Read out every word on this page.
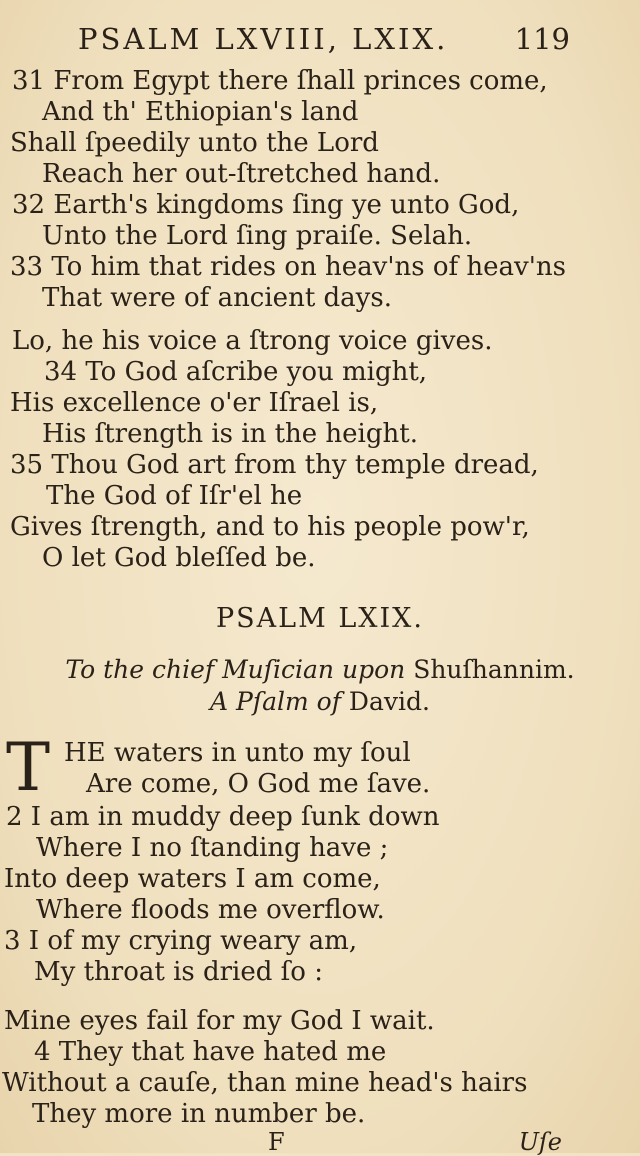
PSALM LXVIII, LXIX. 119
31 From Egypt there ſhall princes come,
And th' Ethiopian's land
Shall ſpeedily unto the Lord
Reach her out-ſtretched hand.
32 Earth's kingdoms ſing ye unto God,
Unto the Lord ſing praiſe. Selah.
33 To him that rides on heav'ns of heav'ns
That were of ancient days.
Lo, he his voice a ſtrong voice gives.
34 To God aſcribe you might,
His excellence o'er Iſrael is,
His ſtrength is in the height.
35 Thou God art from thy temple dread,
The God of Iſr'el he
Gives ſtrength, and to his people pow'r,
O let God bleſſed be.
PSALM LXIX.
To the chief Muſician upon Shuſhannim.
A Pſalm of David.
T HE waters in unto my ſoul
Are come, O God me ſave.
2 I am in muddy deep ſunk down
Where I no ſtanding have ;
Into deep waters I am come,
Where floods me overflow.
3 I of my crying weary am,
My throat is dried ſo :
Mine eyes fail for my God I wait.
4 They that have hated me
Without a cauſe, than mine head's hairs
They more in number be.
F	Uſe
